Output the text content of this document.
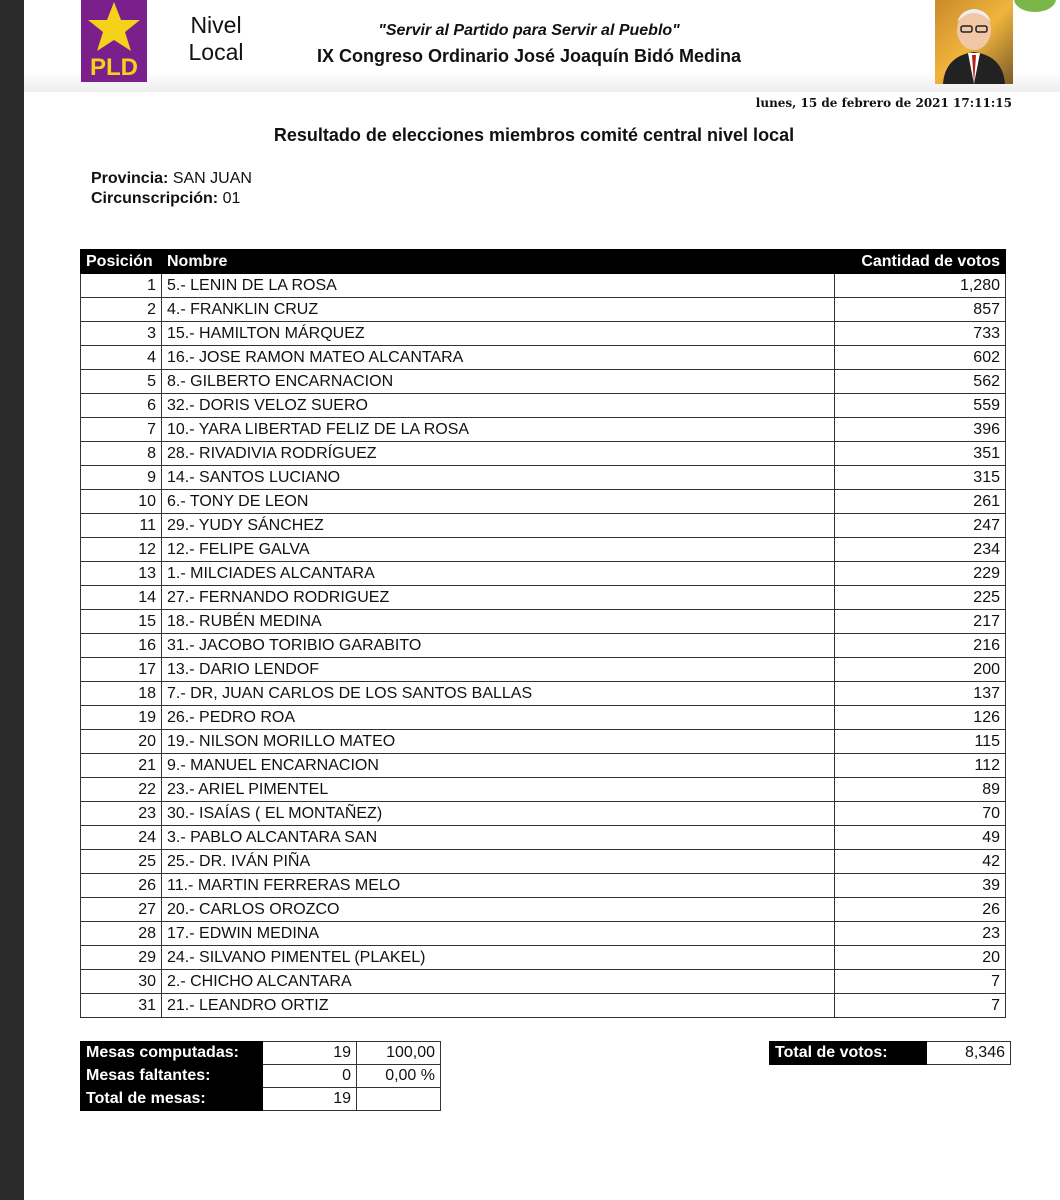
PLD
Nivel
Local
"Servir al Partido para Servir al Pueblo"
IX Congreso Ordinario José Joaquín Bidó Medina
lunes, 15 de febrero de 2021 17:11:15
Resultado de elecciones miembros comité central nivel local
Provincia: SAN JUAN
Circunscripción: 01
Posición	Nombre	Cantidad de votos
1	5.- LENIN DE LA ROSA	1,280
2	4.- FRANKLIN CRUZ	857
3	15.- HAMILTON MÁRQUEZ	733
4	16.- JOSE RAMON MATEO ALCANTARA	602
5	8.- GILBERTO ENCARNACION	562
6	32.- DORIS VELOZ SUERO	559
7	10.- YARA LIBERTAD FELIZ DE LA ROSA	396
8	28.- RIVADIVIA RODRÍGUEZ	351
9	14.- SANTOS LUCIANO	315
10	6.- TONY DE LEON	261
11	29.- YUDY SÁNCHEZ	247
12	12.- FELIPE GALVA	234
13	1.- MILCIADES ALCANTARA	229
14	27.- FERNANDO RODRIGUEZ	225
15	18.- RUBÉN MEDINA	217
16	31.- JACOBO TORIBIO GARABITO	216
17	13.- DARIO LENDOF	200
18	7.- DR, JUAN CARLOS DE LOS SANTOS BALLAS	137
19	26.- PEDRO ROA	126
20	19.- NILSON MORILLO MATEO	115
21	9.- MANUEL ENCARNACION	112
22	23.- ARIEL PIMENTEL	89
23	30.- ISAÍAS ( EL MONTAÑEZ)	70
24	3.- PABLO ALCANTARA SAN	49
25	25.- DR. IVÁN PIÑA	42
26	11.- MARTIN FERRERAS MELO	39
27	20.- CARLOS OROZCO	26
28	17.- EDWIN MEDINA	23
29	24.- SILVANO PIMENTEL (PLAKEL)	20
30	2.- CHICHO ALCANTARA	7
31	21.- LEANDRO ORTIZ	7
Mesas computadas:	19	100,00
Mesas faltantes:	0	0,00 %
Total de mesas:	19	
Total de votos:	8,346
